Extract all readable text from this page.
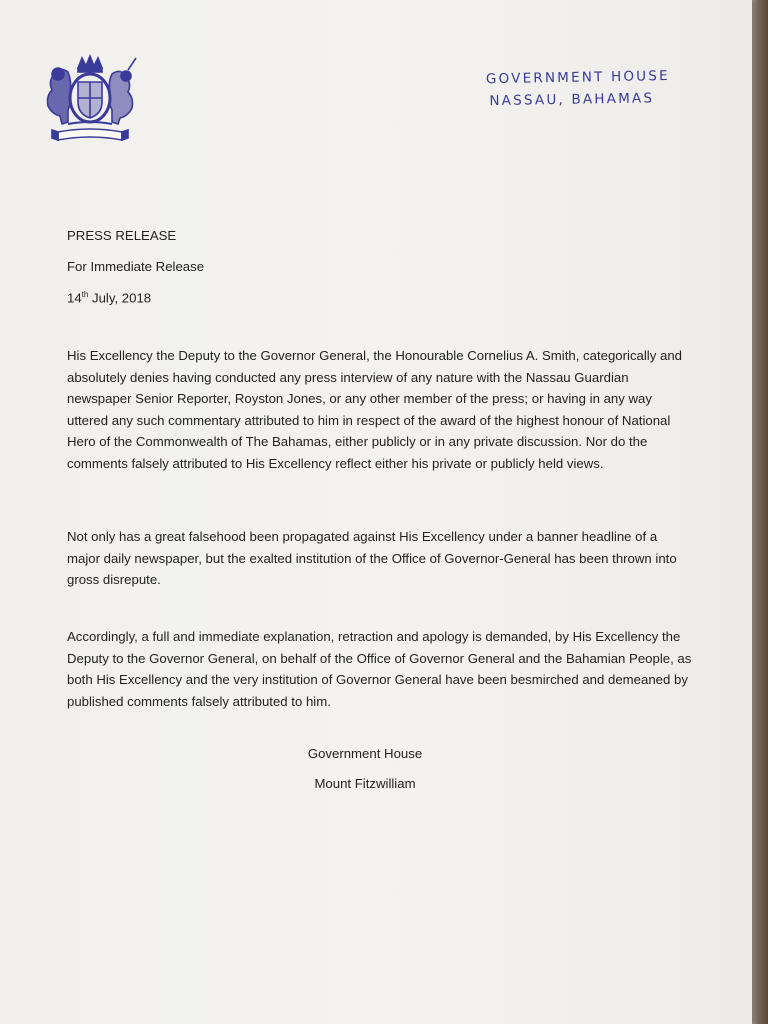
GOVERNMENT HOUSE
NASSAU, BAHAMAS
PRESS RELEASE
For Immediate Release
14th July, 2018
His Excellency the Deputy to the Governor General, the Honourable Cornelius A. Smith, categorically and absolutely denies having conducted any press interview of any nature with the Nassau Guardian newspaper Senior Reporter, Royston Jones, or any other member of the press; or having in any way uttered any such commentary attributed to him in respect of the award of the highest honour of National Hero of the Commonwealth of The Bahamas, either publicly or in any private discussion. Nor do the comments falsely attributed to His Excellency reflect either his private or publicly held views.
Not only has a great falsehood been propagated against His Excellency under a banner headline of a major daily newspaper, but the exalted institution of the Office of Governor-General has been thrown into gross disrepute.
Accordingly, a full and immediate explanation, retraction and apology is demanded, by His Excellency the Deputy to the Governor General, on behalf of the Office of Governor General and the Bahamian People, as both His Excellency and the very institution of Governor General have been besmirched and demeaned by published comments falsely attributed to him.
Government House
Mount Fitzwilliam
